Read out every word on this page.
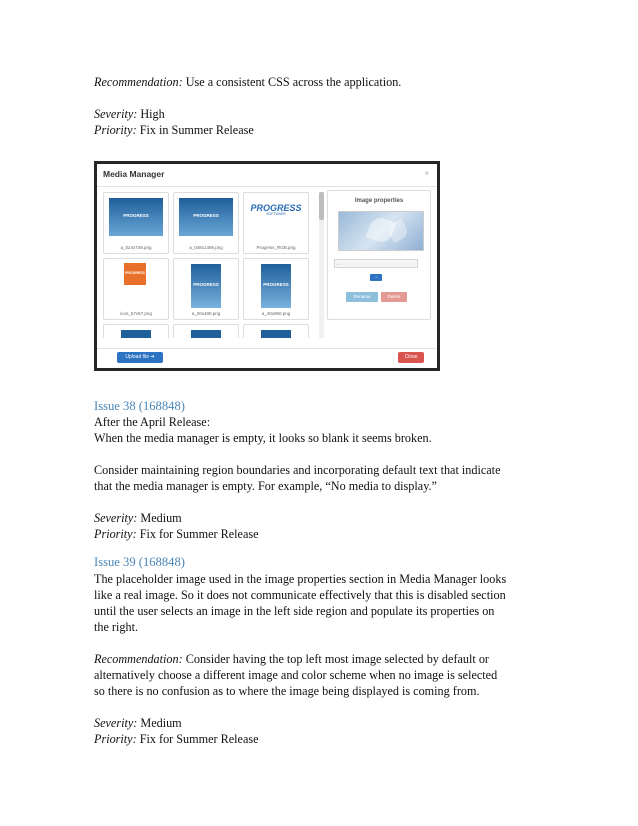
Recommendation: Use a consistent CSS across the application.
Severity: High
Priority: Fix in Summer Release
Media Manager	×
PROGRESS
a_024x749.png
PROGRESS
a_048x1496.png
PROGRESS
SOFTWARE
Progress_RGB.png
PROGRESS
icon_57x57.png
PROGRESS
a_20x480.png
PROGRESS
a_40x960.png
Image properties
...
→
Rename	Delete
Upload file ➔	Close
Issue 38 (168848)
After the April Release:
When the media manager is empty, it looks so blank it seems broken.
Consider maintaining region boundaries and incorporating default text that indicate
that the media manager is empty. For example, “No media to display.”
Severity: Medium
Priority: Fix for Summer Release
Issue 39 (168848)
The placeholder image used in the image properties section in Media Manager looks
like a real image. So it does not communicate effectively that this is disabled section
until the user selects an image in the left side region and populate its properties on
the right.
Recommendation: Consider having the top left most image selected by default or
alternatively choose a different image and color scheme when no image is selected
so there is no confusion as to where the image being displayed is coming from.
Severity: Medium
Priority: Fix for Summer Release
